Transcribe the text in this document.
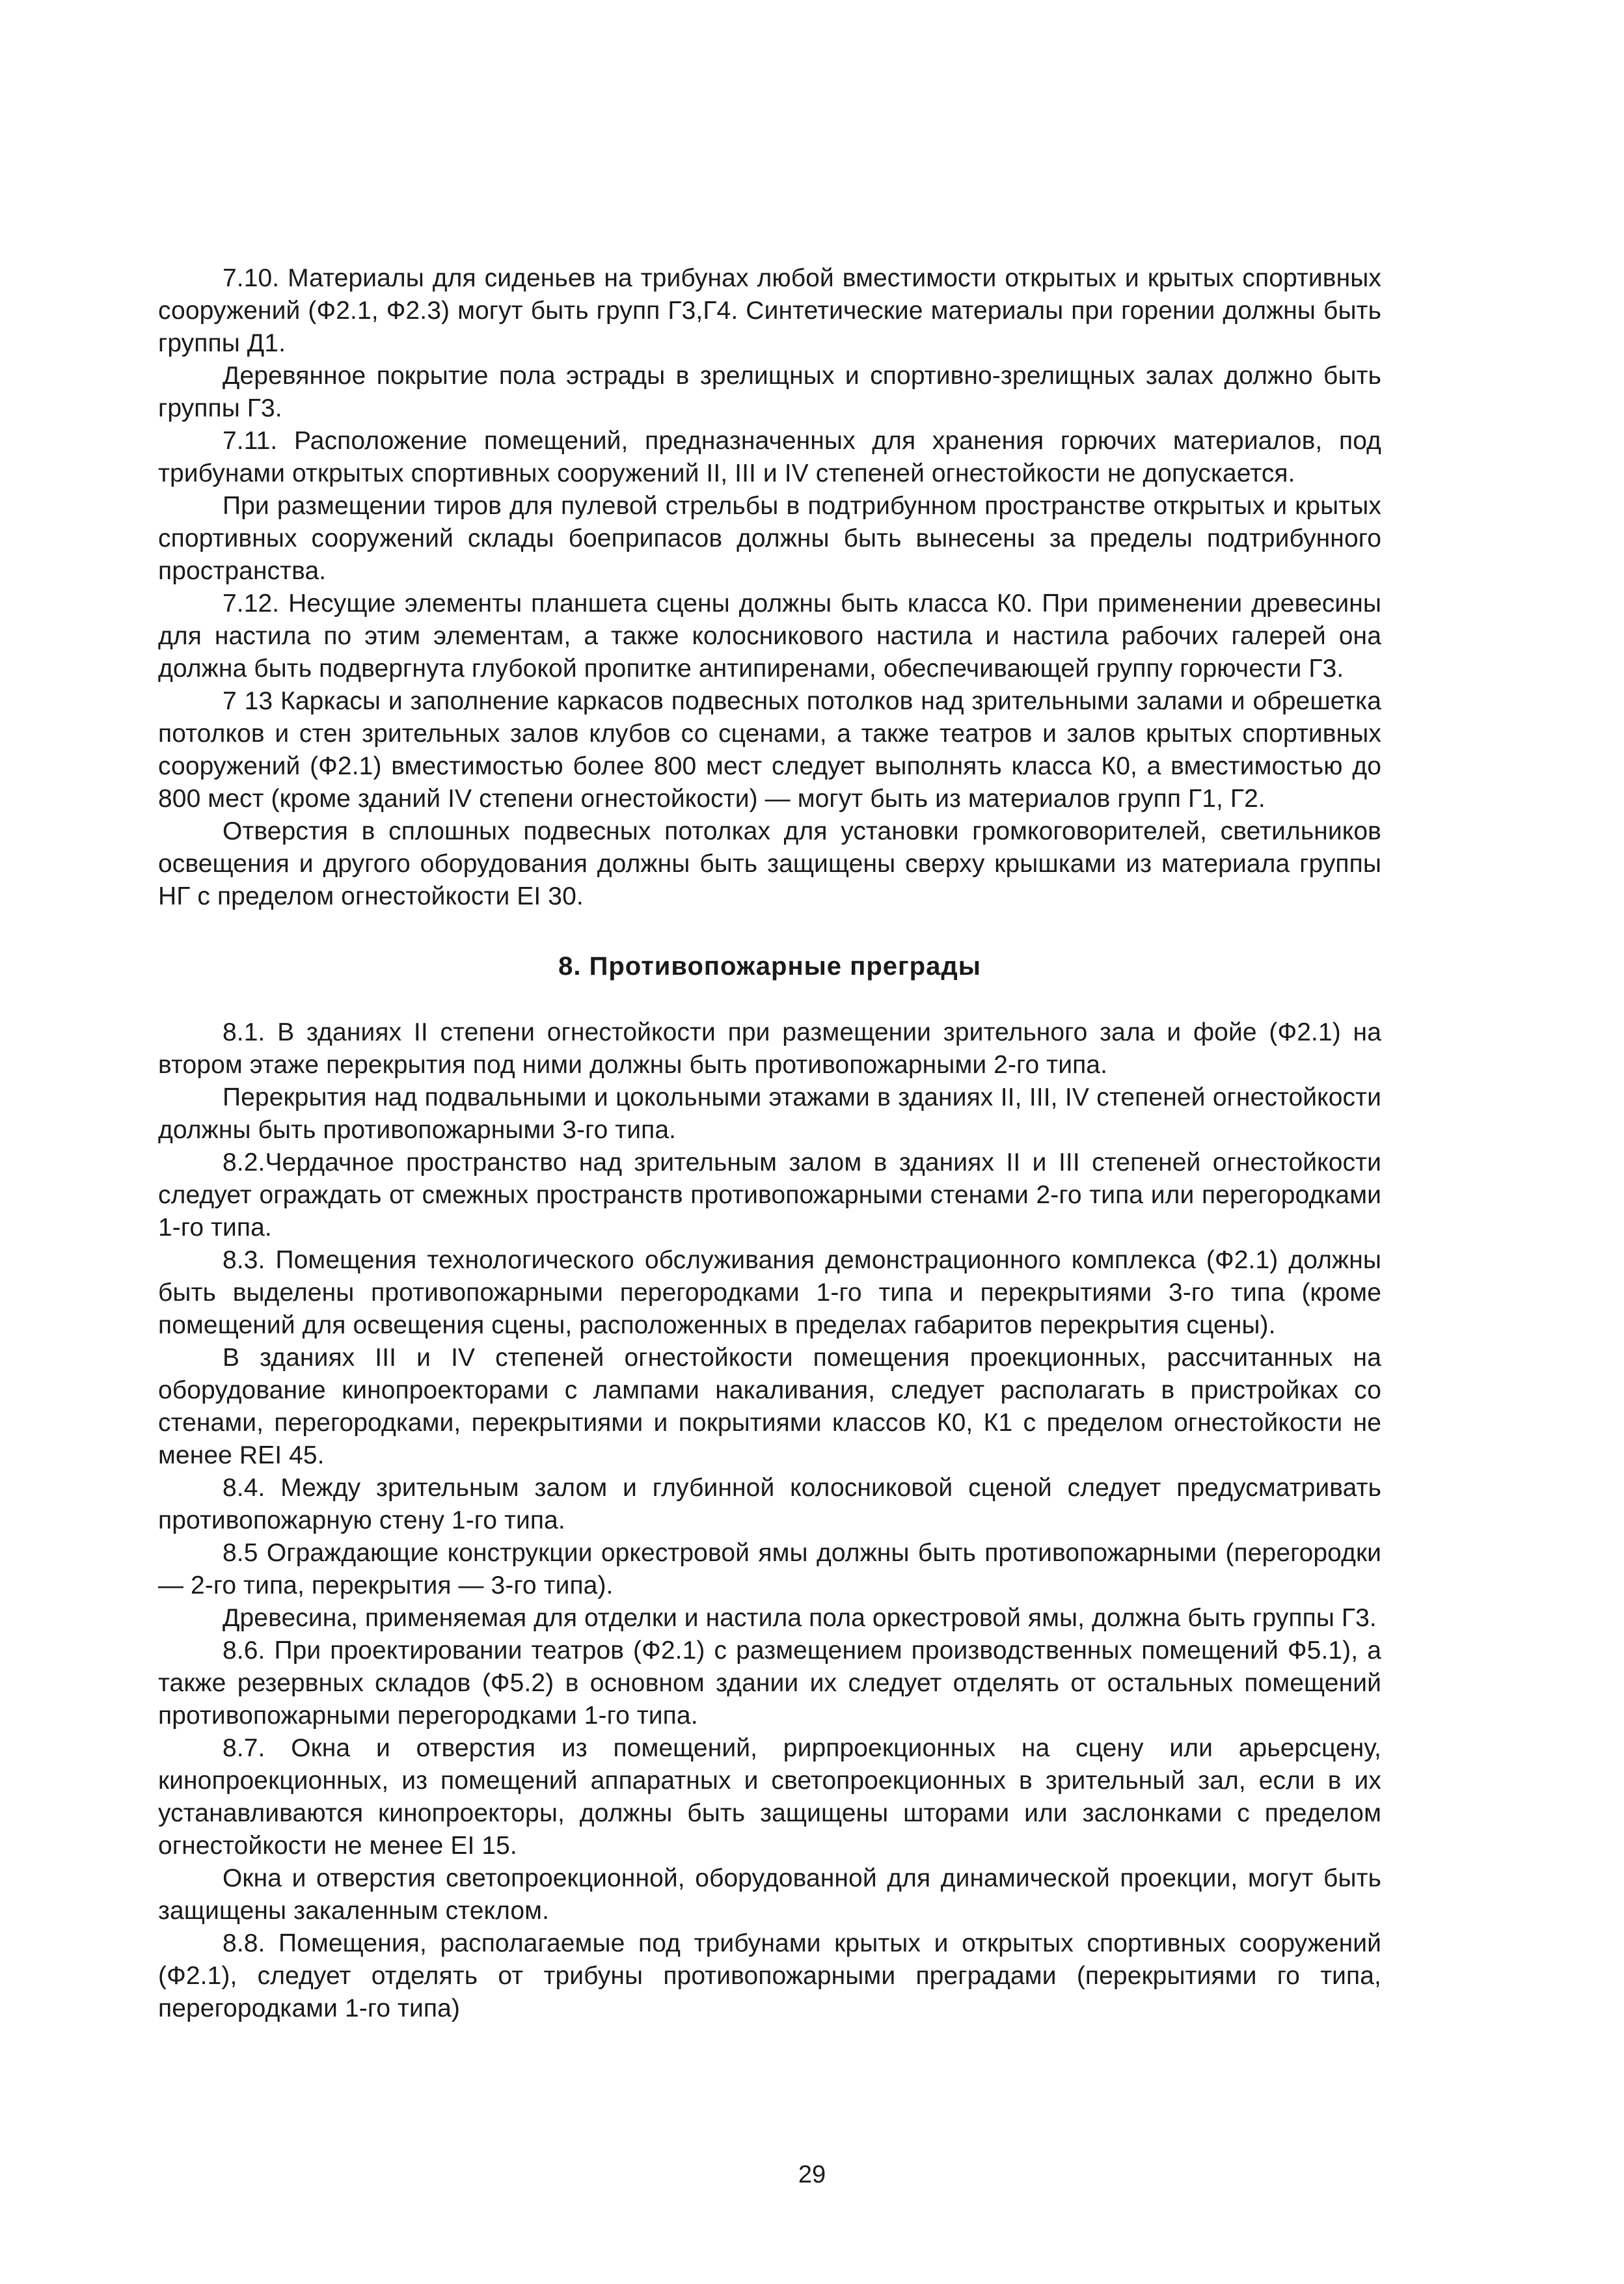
7.10. Материалы для сиденьев на трибунах любой вместимости открытых и крытых спортивных сооружений (Ф2.1, Ф2.3) могут быть групп Г3,Г4. Синтетические материалы при горении должны быть группы Д1.

Деревянное покрытие пола эстрады в зрелищных и спортивно-зрелищных залах должно быть группы Г3.

7.11. Расположение помещений, предназначенных для хранения горючих материалов, под трибунами открытых спортивных сооружений II, III и IV степеней огнестойкости не допускается.

При размещении тиров для пулевой стрельбы в подтрибунном пространстве открытых и крытых спортивных сооружений склады боеприпасов должны быть вынесены за пределы подтрибунного пространства.

7.12. Несущие элементы планшета сцены должны быть класса К0. При применении древесины для настила по этим элементам, а также колосникового настила и настила рабочих галерей она должна быть подвергнута глубокой пропитке антипиренами, обеспечивающей группу горючести Г3.

7 13 Каркасы и заполнение каркасов подвесных потолков над зрительными залами и обрешетка потолков и стен зрительных залов клубов со сценами, а также театров и залов крытых спортивных сооружений (Ф2.1) вместимостью более 800 мест следует выполнять класса К0, а вместимостью до 800 мест (кроме зданий IV степени огнестойкости) — могут быть из материалов групп Г1, Г2.

Отверстия в сплошных подвесных потолках для установки громкоговорителей, светильников освещения и другого оборудования должны быть защищены сверху крышками из материала группы НГ с пределом огнестойкости EI 30.

8. Противопожарные преграды

8.1. В зданиях II степени огнестойкости при размещении зрительного зала и фойе (Ф2.1) на втором этаже перекрытия под ними должны быть противопожарными 2-го типа.

Перекрытия над подвальными и цокольными этажами в зданиях II, III, IV степеней огнестойкости должны быть противопожарными 3-го типа.

8.2.Чердачное пространство над зрительным залом в зданиях II и III степеней огнестойкости следует ограждать от смежных пространств противопожарными стенами 2-го типа или перегородками 1-го типа.

8.3. Помещения технологического обслуживания демонстрационного комплекса (Ф2.1) должны быть выделены противопожарными перегородками 1-го типа и перекрытиями 3-го типа (кроме помещений для освещения сцены, расположенных в пределах габаритов перекрытия сцены).

В зданиях III и IV степеней огнестойкости помещения проекционных, рассчитанных на оборудование кинопроекторами с лампами накаливания, следует располагать в пристройках со стенами, перегородками, перекрытиями и покрытиями классов К0, К1 с пределом огнестойкости не менее REI 45.

8.4. Между зрительным залом и глубинной колосниковой сценой следует предусматривать противопожарную стену 1-го типа.

8.5 Ограждающие конструкции оркестровой ямы должны быть противопожарными (перегородки — 2-го типа, перекрытия — 3-го типа).

Древесина, применяемая для отделки и настила пола оркестровой ямы, должна быть группы Г3.

8.6. При проектировании театров (Ф2.1) с размещением производственных помещений Ф5.1), а также резервных складов (Ф5.2) в основном здании их следует отделять от остальных помещений противопожарными перегородками 1-го типа.

8.7. Окна и отверстия из помещений, рирпроекционных на сцену или арьерсцену, кинопроекционных, из помещений аппаратных и светопроекционных в зрительный зал, если в их устанавливаются кинопроекторы, должны быть защищены шторами или заслонками с пределом огнестойкости не менее EI 15.

Окна и отверстия светопроекционной, оборудованной для динамической проекции, могут быть защищены закаленным стеклом.

8.8. Помещения, располагаемые под трибунами крытых и открытых спортивных сооружений (Ф2.1), следует отделять от трибуны противопожарными преградами (перекрытиями го типа, перегородками 1-го типа)

29
